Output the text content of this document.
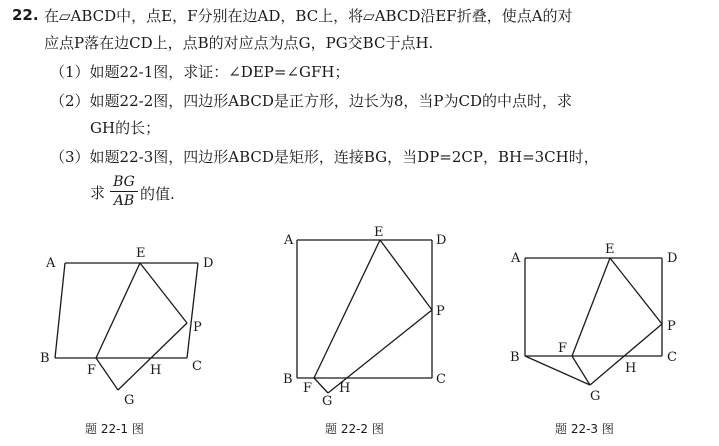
22. 在▱ABCD中，点E，F分别在边AD，BC上，将▱ABCD沿EF折叠，使点A的对
应点P落在边CD上，点B的对应点为点G，PG交BC于点H.
（1）如题22-1图，求证：∠DEP=∠GFH；
（2）如题22-2图，四边形ABCD是正方形，边长为8，当P为CD的中点时，求
GH的长；
（3）如题22-3图，四边形ABCD是矩形，连接BG，当DP=2CP，BH=3CH时，
求
BG
AB 的值.
A
E
D
P
B
F	H C
G
题 22-1 图
A
E
D
P
B
F H
C
G
题 22-2 图
A
E
D
P
B
F
H
C
G
题 22-3 图
